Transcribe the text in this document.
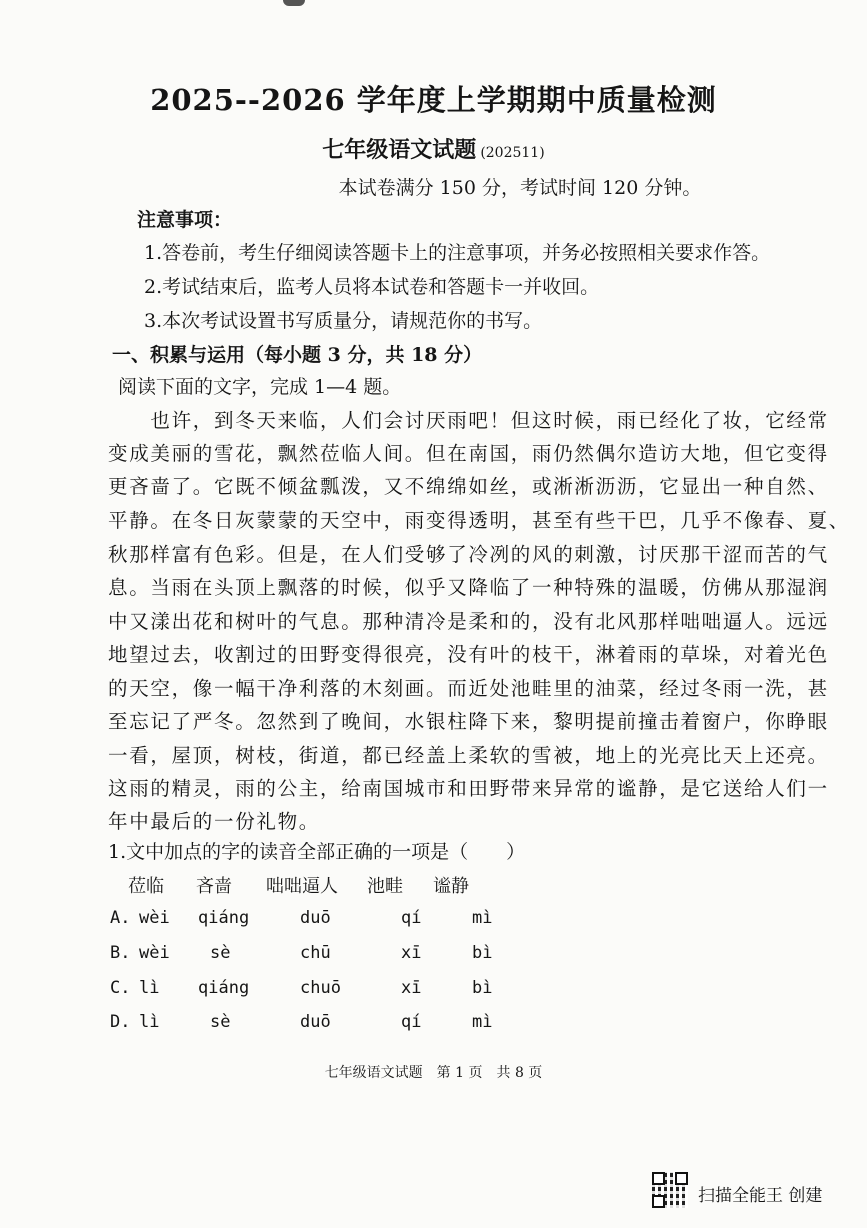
2025--2026 学年度上学期期中质量检测
七年级语文试题 (202511)
本试卷满分 150 分，考试时间 120 分钟。
注意事项：
1.答卷前，考生仔细阅读答题卡上的注意事项，并务必按照相关要求作答。
2.考试结束后，监考人员将本试卷和答题卡一并收回。
3.本次考试设置书写质量分，请规范你的书写。
一、积累与运用（每小题 3 分，共 18 分）
阅读下面的文字，完成 1—4 题。
　　也许，到冬天来临，人们会讨厌雨吧！但这时候，雨已经化了妆，它经常
变成美丽的雪花，飘然莅临人间。但在南国，雨仍然偶尔造访大地，但它变得
更吝啬了。它既不倾盆瓢泼，又不绵绵如丝，或淅淅沥沥，它显出一种自然、
平静。在冬日灰蒙蒙的天空中，雨变得透明，甚至有些干巴，几乎不像春、夏、
秋那样富有色彩。但是，在人们受够了冷冽的风的刺激，讨厌那干涩而苦的气
息。当雨在头顶上飘落的时候，似乎又降临了一种特殊的温暖，仿佛从那湿润
中又漾出花和树叶的气息。那种清冷是柔和的，没有北风那样咄咄逼人。远远
地望过去，收割过的田野变得很亮，没有叶的枝干，淋着雨的草垛，对着光色
的天空，像一幅干净利落的木刻画。而近处池畦里的油菜，经过冬雨一洗，甚
至忘记了严冬。忽然到了晚间，水银柱降下来，黎明提前撞击着窗户，你睁眼
一看，屋顶，树枝，街道，都已经盖上柔软的雪被，地上的光亮比天上还亮。
这雨的精灵，雨的公主，给南国城市和田野带来异常的谧静，是它送给人们一
年中最后的一份礼物。
1.文中加点的字的读音全部正确的一项是（　　）
莅临 吝啬 咄咄逼人 池畦 谧静
A. wèi qiáng	duō	qí	mì
B. wèi sè	chū	xī	bì
C. lì qiáng	chuō	xī	bì
D. lì	sè	duō	qí	mì
七年级语文试题　第 1 页　共 8 页
扫描全能王 创建
